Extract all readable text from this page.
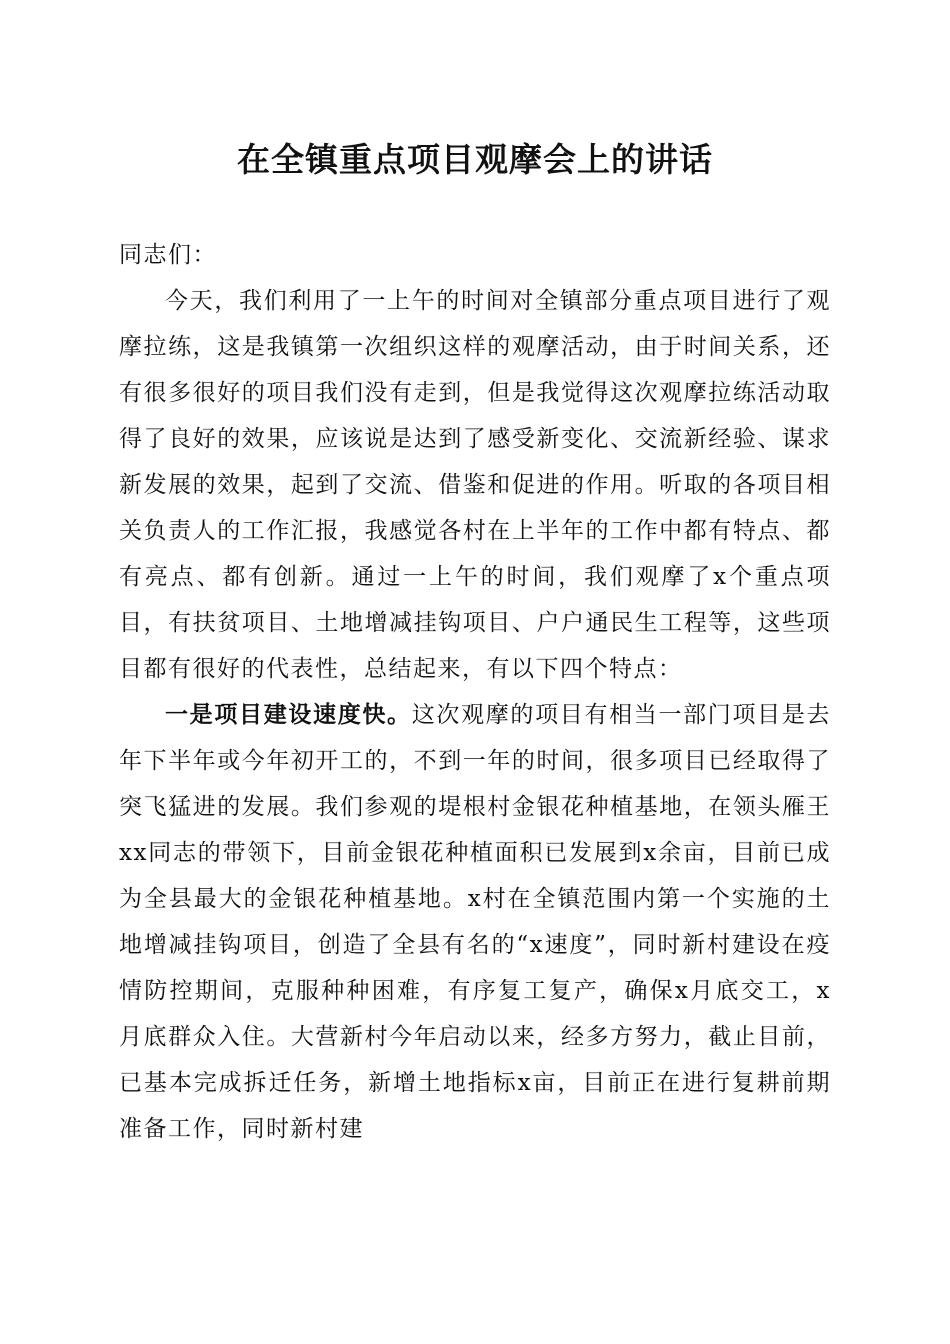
在全镇重点项目观摩会上的讲话

同志们：

今天，我们利用了一上午的时间对全镇部分重点项目进行了观摩拉练，这是我镇第一次组织这样的观摩活动，由于时间关系，还有很多很好的项目我们没有走到，但是我觉得这次观摩拉练活动取得了良好的效果，应该说是达到了感受新变化、交流新经验、谋求新发展的效果，起到了交流、借鉴和促进的作用。听取的各项目相关负责人的工作汇报，我感觉各村在上半年的工作中都有特点、都有亮点、都有创新。通过一上午的时间，我们观摩了x个重点项目，有扶贫项目、土地增减挂钩项目、户户通民生工程等，这些项目都有很好的代表性，总结起来，有以下四个特点：

一是项目建设速度快。这次观摩的项目有相当一部门项目是去年下半年或今年初开工的，不到一年的时间，很多项目已经取得了突飞猛进的发展。我们参观的堤根村金银花种植基地，在领头雁王xx同志的带领下，目前金银花种植面积已发展到x余亩，目前已成为全县最大的金银花种植基地。x村在全镇范围内第一个实施的土地增减挂钩项目，创造了全县有名的“x速度”，同时新村建设在疫情防控期间，克服种种困难，有序复工复产，确保x月底交工，x月底群众入住。大营新村今年启动以来，经多方努力，截止目前，已基本完成拆迁任务，新增土地指标x亩，目前正在进行复耕前期准备工作，同时新村建
